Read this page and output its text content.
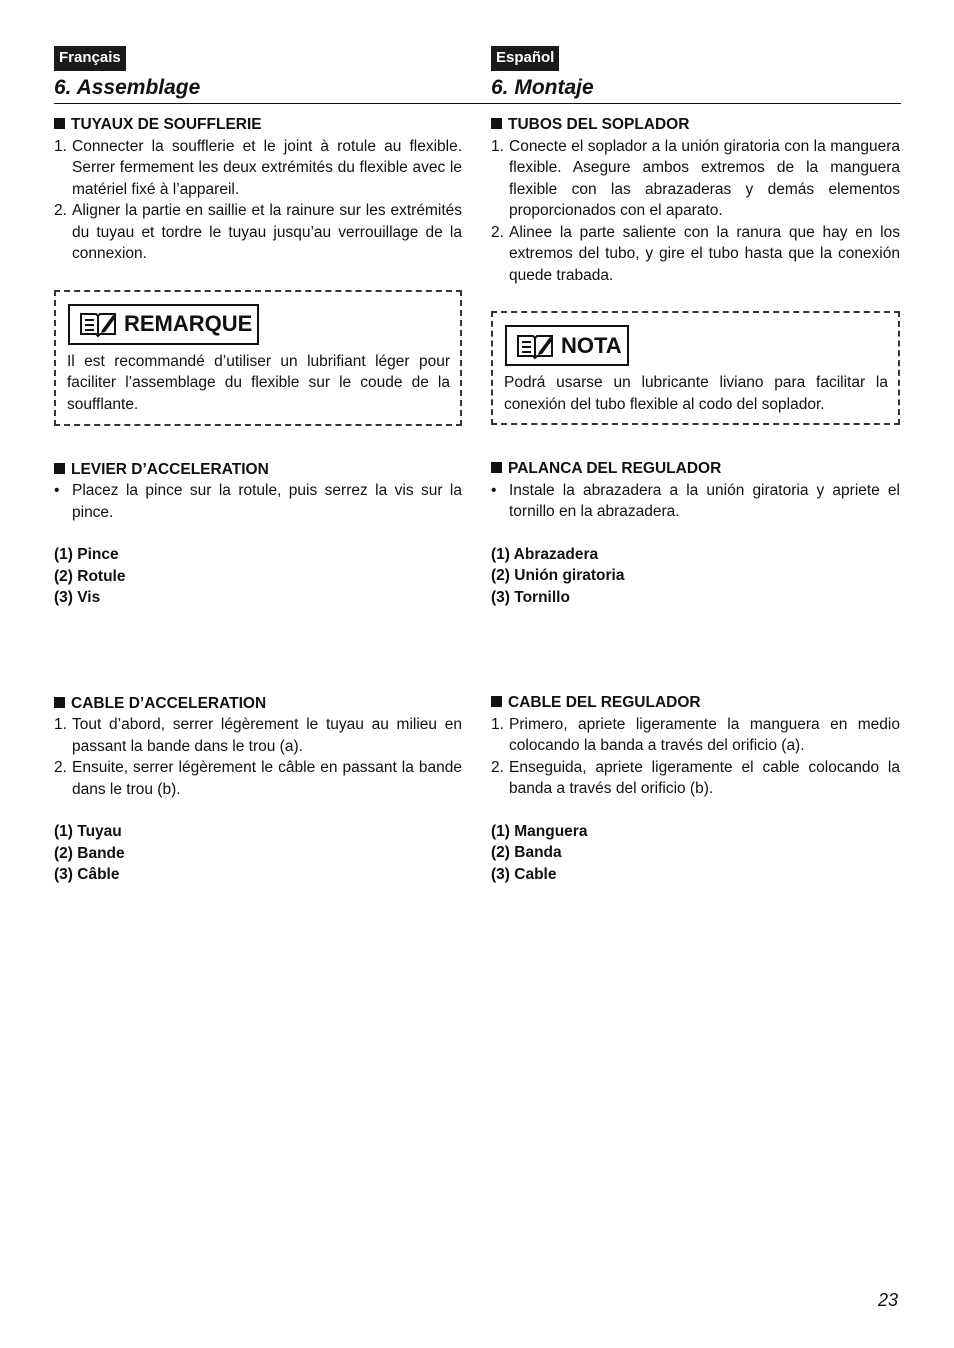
Français
6. Assemblage
TUYAUX DE SOUFFLERIE
1. Connecter la soufflerie et le joint à rotule au flexible. Serrer fermement les deux extrémités du flexible avec le matériel fixé à l’appareil.
2. Aligner la partie en saillie et la rainure sur les extrémités du tuyau et tordre le tuyau jusqu’au verrouillage de la connexion.
REMARQUE
Il est recommandé d’utiliser un lubrifiant léger pour faciliter l’assemblage du flexible sur le coude de la soufflante.
LEVIER D’ACCELERATION
• Placez la pince sur la rotule, puis serrez la vis sur la pince.
(1) Pince
(2) Rotule
(3) Vis
CABLE D’ACCELERATION
1. Tout d’abord, serrer légèrement le tuyau au milieu en passant la bande dans le trou (a).
2. Ensuite, serrer légèrement le câble en passant la bande dans le trou (b).
(1) Tuyau
(2) Bande
(3) Câble
Español
6. Montaje
TUBOS DEL SOPLADOR
1. Conecte el soplador a la unión giratoria con la manguera flexible. Asegure ambos extremos de la manguera flexible con las abrazaderas y demás elementos proporcionados con el aparato.
2. Alinee la parte saliente con la ranura que hay en los extremos del tubo, y gire el tubo hasta que la conexión quede trabada.
NOTA
Podrá usarse un lubricante liviano para facilitar la conexión del tubo flexible al codo del soplador.
PALANCA DEL REGULADOR
• Instale la abrazadera a la unión giratoria y apriete el tornillo en la abrazadera.
(1) Abrazadera
(2) Unión giratoria
(3) Tornillo
CABLE DEL REGULADOR
1. Primero, apriete ligeramente la manguera en medio colocando la banda a través del orificio (a).
2. Enseguida, apriete ligeramente el cable colocando la banda a través del orificio (b).
(1) Manguera
(2) Banda
(3) Cable
23
